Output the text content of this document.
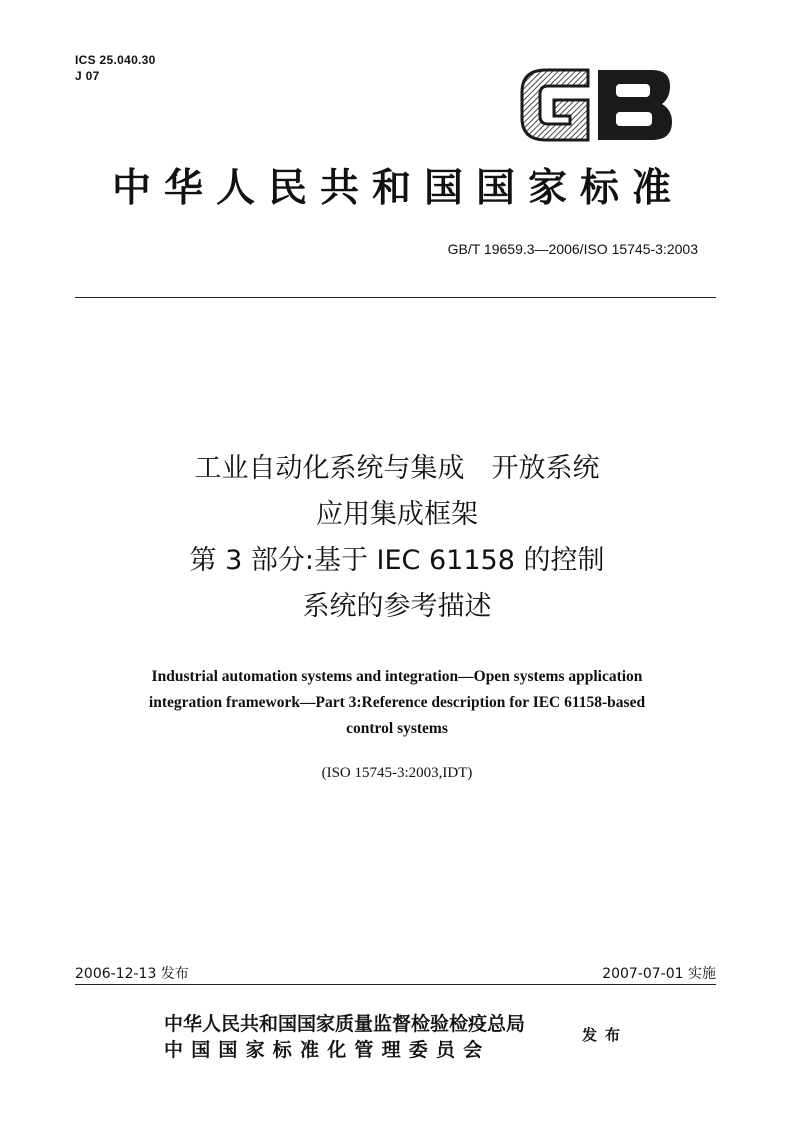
ICS 25.040.30
J 07
中华人民共和国国家标准
GB/T 19659.3—2006/ISO 15745-3:2003
工业自动化系统与集成　开放系统
应用集成框架
第 3 部分:基于 IEC 61158 的控制
系统的参考描述
Industrial automation systems and integration—Open systems application
integration framework—Part 3:Reference description for IEC 61158-based
control systems
(ISO 15745-3:2003,IDT)
2006-12-13 发布	2007-07-01 实施
中华人民共和国国家质量监督检验检疫总局
中国国家标准化管理委员会
发布
